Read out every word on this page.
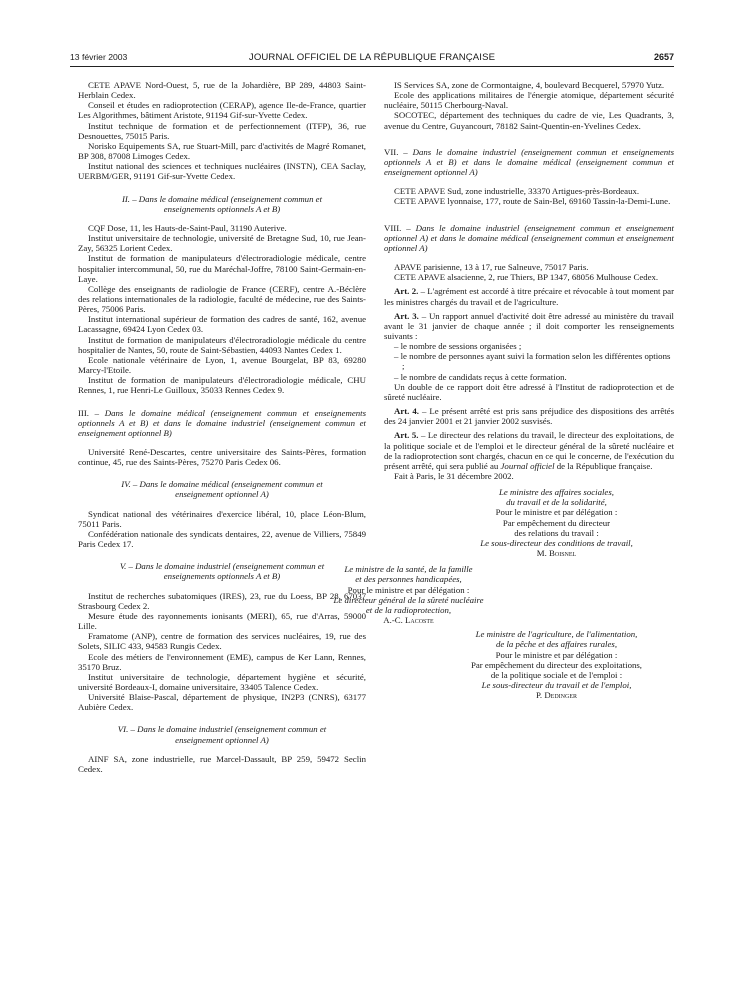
13 février 2003	JOURNAL OFFICIEL DE LA RÉPUBLIQUE FRANÇAISE	2657

CETE APAVE Nord-Ouest, 5, rue de la Johardière, BP 289, 44803 Saint-Herblain Cedex.

Conseil et études en radioprotection (CERAP), agence Ile-de-France, quartier Les Algorithmes, bâtiment Aristote, 91194 Gif-sur-Yvette Cedex.

Institut technique de formation et de perfectionnement (ITFP), 36, rue Desnouettes, 75015 Paris.

Norisko Equipements SA, rue Stuart-Mill, parc d'activités de Magré Romanet, BP 308, 87008 Limoges Cedex.

Institut national des sciences et techniques nucléaires (INSTN), CEA Saclay, UERBM/GER, 91191 Gif-sur-Yvette Cedex.

II. – Dans le domaine médical (enseignement commun et enseignements optionnels A et B)

CQF Dose, 11, les Hauts-de-Saint-Paul, 31190 Auterive.

Institut universitaire de technologie, université de Bretagne Sud, 10, rue Jean-Zay, 56325 Lorient Cedex.

Institut de formation de manipulateurs d'électroradiologie médicale, centre hospitalier intercommunal, 50, rue du Maréchal-Joffre, 78100 Saint-Germain-en-Laye.

Collège des enseignants de radiologie de France (CERF), centre A.-Béclère des relations internationales de la radiologie, faculté de médecine, rue des Saints-Pères, 75006 Paris.

Institut international supérieur de formation des cadres de santé, 162, avenue Lacassagne, 69424 Lyon Cedex 03.

Institut de formation de manipulateurs d'électroradiologie médicale du centre hospitalier de Nantes, 50, route de Saint-Sébastien, 44093 Nantes Cedex 1.

Ecole nationale vétérinaire de Lyon, 1, avenue Bourgelat, BP 83, 69280 Marcy-l'Etoile.

Institut de formation de manipulateurs d'électroradiologie médicale, CHU Rennes, 1, rue Henri-Le Guilloux, 35033 Rennes Cedex 9.

III. – Dans le domaine médical (enseignement commun et enseignements optionnels A et B) et dans le domaine industriel (enseignement commun et enseignement optionnel B)

Université René-Descartes, centre universitaire des Saints-Pères, formation continue, 45, rue des Saints-Pères, 75270 Paris Cedex 06.

IV. – Dans le domaine médical (enseignement commun et enseignement optionnel A)

Syndicat national des vétérinaires d'exercice libéral, 10, place Léon-Blum, 75011 Paris.

Confédération nationale des syndicats dentaires, 22, avenue de Villiers, 75849 Paris Cedex 17.

V. – Dans le domaine industriel (enseignement commun et enseignements optionnels A et B)

Institut de recherches subatomiques (IRES), 23, rue du Loess, BP 28, 67037 Strasbourg Cedex 2.

Mesure étude des rayonnements ionisants (MERI), 65, rue d'Arras, 59000 Lille.

Framatome (ANP), centre de formation des services nucléaires, 19, rue des Solets, SILIC 433, 94583 Rungis Cedex.

Ecole des métiers de l'environnement (EME), campus de Ker Lann, Rennes, 35170 Bruz.

Institut universitaire de technologie, département hygiène et sécurité, université Bordeaux-I, domaine universitaire, 33405 Talence Cedex.

Université Blaise-Pascal, département de physique, IN2P3 (CNRS), 63177 Aubière Cedex.

VI. – Dans le domaine industriel (enseignement commun et enseignement optionnel A)

AINF SA, zone industrielle, rue Marcel-Dassault, BP 259, 59472 Seclin Cedex.

IS Services SA, zone de Cormontaigne, 4, boulevard Becquerel, 57970 Yutz.

Ecole des applications militaires de l'énergie atomique, département sécurité nucléaire, 50115 Cherbourg-Naval.

SOCOTEC, département des techniques du cadre de vie, Les Quadrants, 3, avenue du Centre, Guyancourt, 78182 Saint-Quentin-en-Yvelines Cedex.

VII. – Dans le domaine industriel (enseignement commun et enseignements optionnels A et B) et dans le domaine médical (enseignement commun et enseignement optionnel A)

CETE APAVE Sud, zone industrielle, 33370 Artigues-près-Bordeaux.

CETE APAVE lyonnaise, 177, route de Sain-Bel, 69160 Tassin-la-Demi-Lune.

VIII. – Dans le domaine industriel (enseignement commun et enseignement optionnel A) et dans le domaine médical (enseignement commun et enseignement optionnel A)

APAVE parisienne, 13 à 17, rue Salneuve, 75017 Paris.

CETE APAVE alsacienne, 2, rue Thiers, BP 1347, 68056 Mulhouse Cedex.

Art. 2. – L'agrément est accordé à titre précaire et révocable à tout moment par les ministres chargés du travail et de l'agriculture.

Art. 3. – Un rapport annuel d'activité doit être adressé au ministère du travail avant le 31 janvier de chaque année ; il doit comporter les renseignements suivants :

– le nombre de sessions organisées ;
– le nombre de personnes ayant suivi la formation selon les différentes options ;
– le nombre de candidats reçus à cette formation.

Un double de ce rapport doit être adressé à l'Institut de radioprotection et de sûreté nucléaire.

Art. 4. – Le présent arrêté est pris sans préjudice des dispositions des arrêtés des 24 janvier 2001 et 21 janvier 2002 susvisés.

Art. 5. – Le directeur des relations du travail, le directeur des exploitations, de la politique sociale et de l'emploi et le directeur général de la sûreté nucléaire et de la radioprotection sont chargés, chacun en ce qui le concerne, de l'exécution du présent arrêté, qui sera publié au Journal officiel de la République française.

Fait à Paris, le 31 décembre 2002.

Le ministre des affaires sociales,

du travail et de la solidarité,

Pour le ministre et par délégation :

Par empêchement du directeur

des relations du travail :

Le sous-directeur des conditions de travail,

M. Boisnel

Le ministre de la santé, de la famille

et des personnes handicapées,

Pour le ministre et par délégation :

Le directeur général de la sûreté nucléaire

et de la radioprotection,

A.-C. Lacoste

Le ministre de l'agriculture, de l'alimentation,

de la pêche et des affaires rurales,

Pour le ministre et par délégation :

Par empêchement du directeur des exploitations,

de la politique sociale et de l'emploi :

Le sous-directeur du travail et de l'emploi,

P. Dedinger
